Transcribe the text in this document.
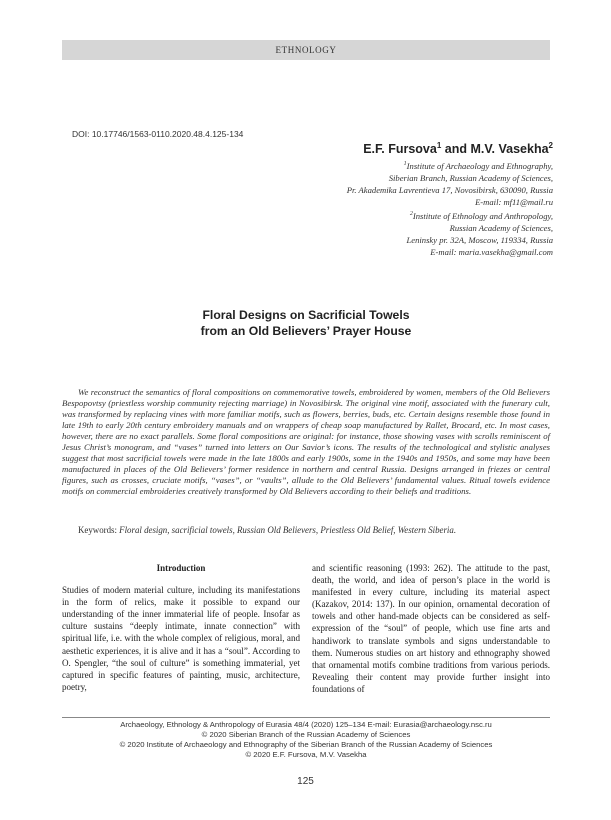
ETHNOLOGY
DOI: 10.17746/1563-0110.2020.48.4.125-134
E.F. Fursova$^1$ and M.V. Vasekha$^2$
$^1$Institute of Archaeology and Ethnography,
Siberian Branch, Russian Academy of Sciences,
Pr. Akademika Lavrentieva 17, Novosibirsk, 630090, Russia
E-mail: mf11@mail.ru
$^2$Institute of Ethnology and Anthropology,
Russian Academy of Sciences,
Leninsky pr. 32A, Moscow, 119334, Russia
E-mail: maria.vasekha@gmail.com
Floral Designs on Sacrificial Towels
from an Old Believers’ Prayer House

We reconstruct the semantics of floral compositions on commemorative towels, embroidered by women, members of the Old Believers Bespopovtsy (priestless worship community rejecting marriage) in Novosibirsk. The original vine motif, associated with the funerary cult, was transformed by replacing vines with more familiar motifs, such as flowers, berries, buds, etc. Certain designs resemble those found in late 19th to early 20th century embroidery manuals and on wrappers of cheap soap manufactured by Rallet, Brocard, etc. In most cases, however, there are no exact parallels. Some floral compositions are original: for instance, those showing vases with scrolls reminiscent of Jesus Christ’s monogram, and “vases” turned into letters on Our Savior’s icons. The results of the technological and stylistic analyses suggest that most sacrificial towels were made in the late 1800s and early 1900s, some in the 1940s and 1950s, and some may have been manufactured in places of the Old Believers’ former residence in northern and central Russia. Designs arranged in friezes or central figures, such as crosses, cruciate motifs, “vases”, or “vaults”, allude to the Old Believers’ fundamental values. Ritual towels evidence motifs on commercial embroideries creatively transformed by Old Believers according to their beliefs and traditions.

Keywords: Floral design, sacrificial towels, Russian Old Believers, Priestless Old Belief, Western Siberia.

Introduction

Studies of modern material culture, including its manifestations in the form of relics, make it possible to expand our understanding of the inner immaterial life of people. Insofar as culture sustains “deeply intimate, innate connection” with spiritual life, i.e. with the whole complex of religious, moral, and aesthetic experiences, it is alive and it has a “soul”. According to O. Spengler, “the soul of culture” is something immaterial, yet captured in specific features of painting, music, architecture, poetry,

and scientific reasoning (1993: 262). The attitude to the past, death, the world, and idea of person’s place in the world is manifested in every culture, including its material aspect (Kazakov, 2014: 137). In our opinion, ornamental decoration of towels and other hand-made objects can be considered as self-expression of the “soul” of people, which use fine arts and handiwork to translate symbols and signs understandable to them. Numerous studies on art history and ethnography showed that ornamental motifs combine traditions from various periods. Revealing their content may provide further insight into foundations of

Archaeology, Ethnology & Anthropology of Eurasia 48/4 (2020) 125–134 E-mail: Eurasia@archaeology.nsc.ru
© 2020 Siberian Branch of the Russian Academy of Sciences
© 2020 Institute of Archaeology and Ethnography of the Siberian Branch of the Russian Academy of Sciences
© 2020 E.F. Fursova, M.V. Vasekha
125
